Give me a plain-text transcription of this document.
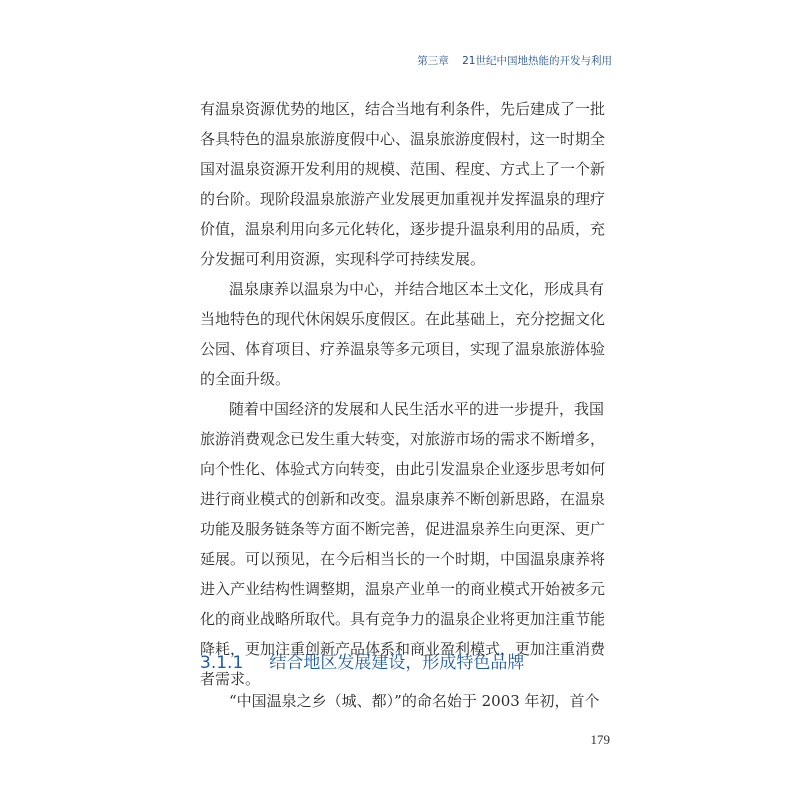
第三章 21世纪中国地热能的开发与利用
有温泉资源优势的地区，结合当地有利条件，先后建成了一批
各具特色的温泉旅游度假中心、温泉旅游度假村，这一时期全
国对温泉资源开发利用的规模、范围、程度、方式上了一个新
的台阶。现阶段温泉旅游产业发展更加重视并发挥温泉的理疗
价值，温泉利用向多元化转化，逐步提升温泉利用的品质，充
分发掘可利用资源，实现科学可持续发展。
温泉康养以温泉为中心，并结合地区本土文化，形成具有
当地特色的现代休闲娱乐度假区。在此基础上，充分挖掘文化
公园、体育项目、疗养温泉等多元项目，实现了温泉旅游体验
的全面升级。
随着中国经济的发展和人民生活水平的进一步提升，我国
旅游消费观念已发生重大转变，对旅游市场的需求不断增多，
向个性化、体验式方向转变，由此引发温泉企业逐步思考如何
进行商业模式的创新和改变。温泉康养不断创新思路，在温泉
功能及服务链条等方面不断完善，促进温泉养生向更深、更广
延展。可以预见，在今后相当长的一个时期，中国温泉康养将
进入产业结构性调整期，温泉产业单一的商业模式开始被多元
化的商业战略所取代。具有竞争力的温泉企业将更加注重节能
降耗，更加注重创新产品体系和商业盈利模式，更加注重消费
者需求。
3.1.1 结合地区发展建设，形成特色品牌
“中国温泉之乡（城、都）”的命名始于 2003 年初，首个
179
